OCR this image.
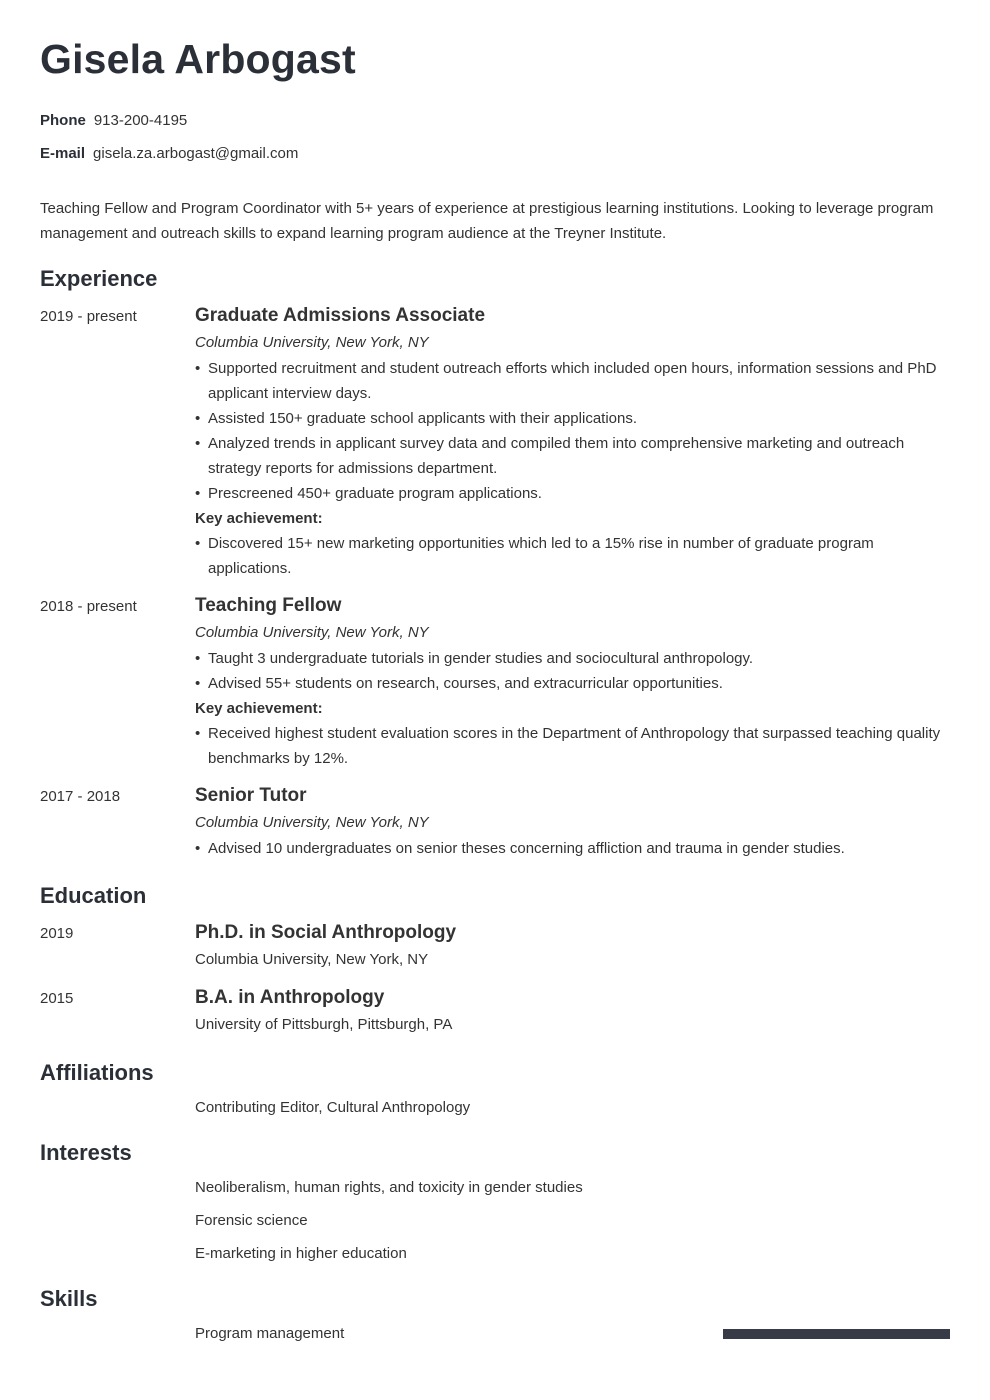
Gisela Arbogast
Phone 913-200-4195
E-mail gisela.za.arbogast@gmail.com

Teaching Fellow and Program Coordinator with 5+ years of experience at prestigious learning institutions. Looking to leverage program management and outreach skills to expand learning program audience at the Treyner Institute.

Experience
2019 - present	Graduate Admissions Associate
Columbia University, New York, NY
• Supported recruitment and student outreach efforts which included open hours, information sessions and PhD applicant interview days.
• Assisted 150+ graduate school applicants with their applications.
• Analyzed trends in applicant survey data and compiled them into comprehensive marketing and outreach strategy reports for admissions department.
• Prescreened 450+ graduate program applications.
Key achievement:
• Discovered 15+ new marketing opportunities which led to a 15% rise in number of graduate program applications.
2018 - present	Teaching Fellow
Columbia University, New York, NY
• Taught 3 undergraduate tutorials in gender studies and sociocultural anthropology.
• Advised 55+ students on research, courses, and extracurricular opportunities.
Key achievement:
• Received highest student evaluation scores in the Department of Anthropology that surpassed teaching quality benchmarks by 12%.
2017 - 2018	Senior Tutor
Columbia University, New York, NY
• Advised 10 undergraduates on senior theses concerning affliction and trauma in gender studies.
Education
2019	Ph.D. in Social Anthropology
Columbia University, New York, NY
2015	B.A. in Anthropology
University of Pittsburgh, Pittsburgh, PA
Affiliations
Contributing Editor, Cultural Anthropology
Interests
Neoliberalism, human rights, and toxicity in gender studies
Forensic science
E-marketing in higher education
Skills
Program management
